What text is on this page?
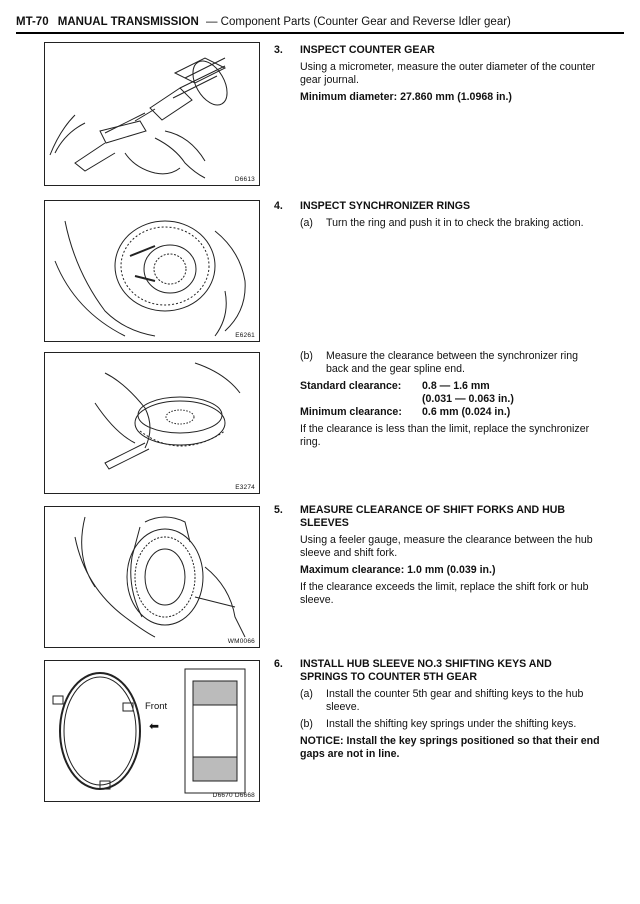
MT-70 MANUAL TRANSMISSION — Component Parts (Counter Gear and Reverse Idler gear)
D6613
E6261
E3274
WM0066
Front
⬅
D6670 D6668
3.	INSPECT COUNTER GEAR
Using a micrometer, measure the outer diameter of the counter gear journal.
Minimum diameter: 27.860 mm (1.0968 in.)
4.	INSPECT SYNCHRONIZER RINGS
(a)	Turn the ring and push it in to check the braking action.
(b)	Measure the clearance between the synchronizer ring back and the gear spline end.
Standard clearance:	0.8 — 1.6 mm
(0.031 — 0.063 in.)
Minimum clearance:	0.6 mm (0.024 in.)
If the clearance is less than the limit, replace the synchronizer ring.
5.	MEASURE CLEARANCE OF SHIFT FORKS AND HUB SLEEVES
Using a feeler gauge, measure the clearance between the hub sleeve and shift fork.
Maximum clearance: 1.0 mm (0.039 in.)
If the clearance exceeds the limit, replace the shift fork or hub sleeve.
6.	INSTALL HUB SLEEVE NO.3 SHIFTING KEYS AND SPRINGS TO COUNTER 5TH GEAR
(a)	Install the counter 5th gear and shifting keys to the hub sleeve.
(b)	Install the shifting key springs under the shifting keys.
NOTICE: Install the key springs positioned so that their end gaps are not in line.
